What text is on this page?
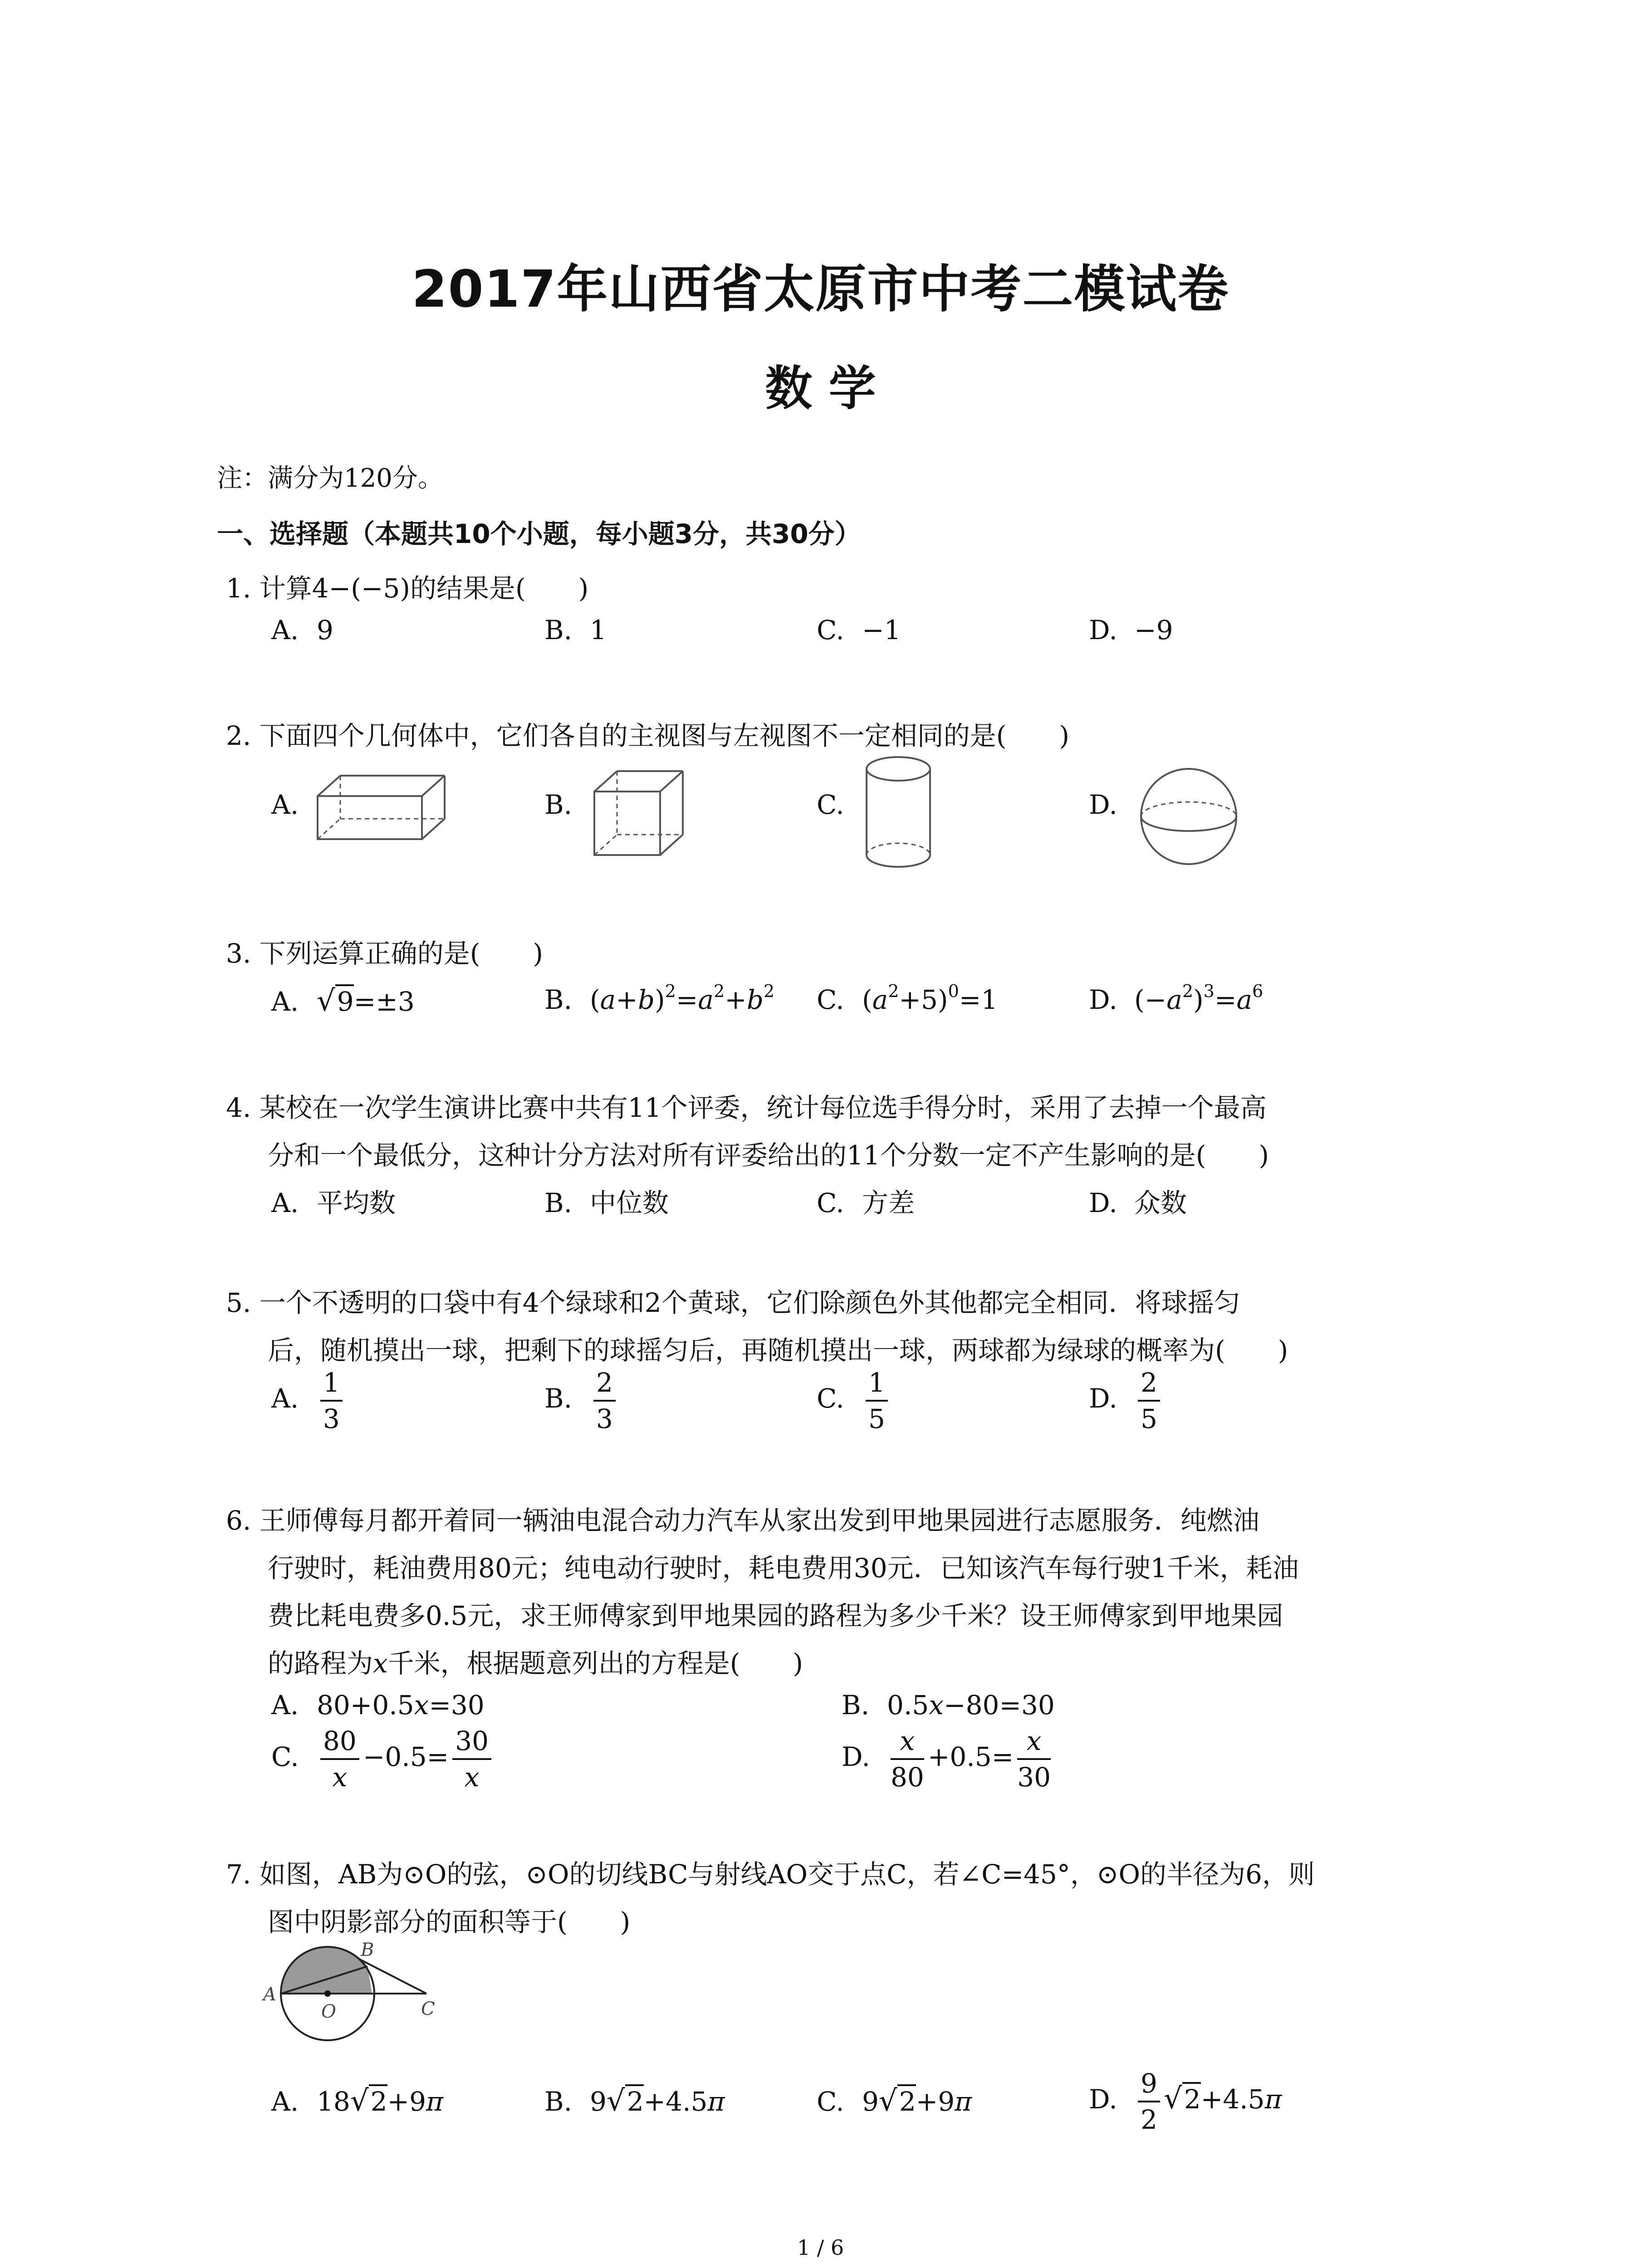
2017年山西省太原市中考二模试卷
数 学
注：满分为120分。
一、选择题（本题共10个小题，每小题3分，共30分）
1. 计算4−(−5)的结果是(　　)
A. 9	B. 1	C. −1	D. −9
2. 下面四个几何体中，它们各自的主视图与左视图不一定相同的是(　　)
A.	B.	C.	D.
3. 下列运算正确的是(　　)
A. √9=±3	B. $(a+b)^2=a^2+b^2$ C. $(a^2+5)^0=1$	D. $(-a^2)^3=a^6$
4. 某校在一次学生演讲比赛中共有11个评委，统计每位选手得分时，采用了去掉一个最高
分和一个最低分，这种计分方法对所有评委给出的11个分数一定不产生影响的是(　　)
A. 平均数	B. 中位数	C. 方差	D. 众数
5. 一个不透明的口袋中有4个绿球和2个黄球，它们除颜色外其他都完全相同．将球摇匀
后，随机摸出一球，把剩下的球摇匀后，再随机摸出一球，两球都为绿球的概率为(　　)
A. $\frac{1}{3}$	B. $\frac{2}{3}$	C. $\frac{1}{5}$	D. $\frac{2}{5}$
6. 王师傅每月都开着同一辆油电混合动力汽车从家出发到甲地果园进行志愿服务．纯燃油
行驶时，耗油费用80元；纯电动行驶时，耗电费用30元．已知该汽车每行驶1千米，耗油
费比耗电费多0.5元，求王师傅家到甲地果园的路程为多少千米？设王师傅家到甲地果园
的路程为x千米，根据题意列出的方程是(　　)
A. 80+0.5x=30	B. 0.5x−80=30
C. $\frac{80}{x} -0.5= \frac{30}{x}$	D. $\frac{x}{80} +0.5= \frac{x}{30}$
7. 如图，AB为⊙O的弦，⊙O的切线BC与射线AO交于点C，若∠C=45°，⊙O的半径为6，则
图中阴影部分的面积等于(　　)
A
B
O	C
A. 18√2+9π	B. 9√2+4.5π	C. 9√2+9π	D. $\frac{9}{2} √2+4.5\pi$
1 / 6
